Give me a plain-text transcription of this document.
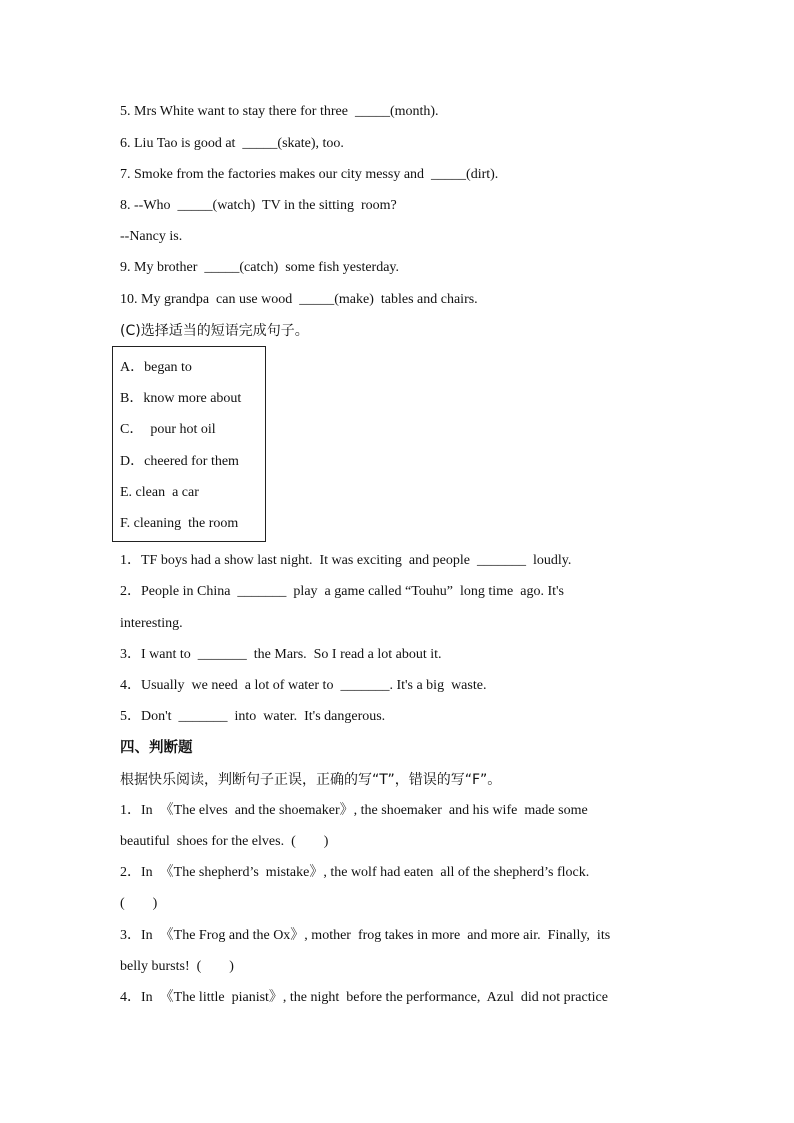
5. Mrs White want to stay there for three  _____(month).
6. Liu Tao is good at  _____(skate), too.
7. Smoke from the factories makes our city messy and  _____(dirt).
8. --Who  _____(watch)  TV in the sitting  room?
--Nancy is.
9. My brother  _____(catch)  some fish yesterday.
10. My grandpa  can use wood  _____(make)  tables and chairs.
(C)选择适当的短语完成句子。
A．began to
B．know more about
C．  pour hot oil
D．cheered for them
E. clean  a car
F. cleaning  the room
1．TF boys had a show last night.  It was exciting  and people  _______  loudly.
2．People in China  _______  play  a game called “Touhu”  long time  ago. It's
interesting.
3．I want to  _______  the Mars.  So I read a lot about it.
4．Usually  we need  a lot of water to  _______. It's a big  waste.
5．Don't  _______  into  water.  It's dangerous.
四、判断题
根据快乐阅读，判断句子正误，正确的写“T”，错误的写“F”。
1．In  《The elves  and the shoemaker》, the shoemaker  and his wife  made some
beautiful  shoes for the elves.  (        )
2．In  《The shepherd’s  mistake》, the wolf had eaten  all of the shepherd’s flock.
(        )
3．In  《The Frog and the Ox》, mother  frog takes in more  and more air.  Finally,  its
belly bursts!  (        )
4．In  《The little  pianist》, the night  before the performance,  Azul  did not practice
